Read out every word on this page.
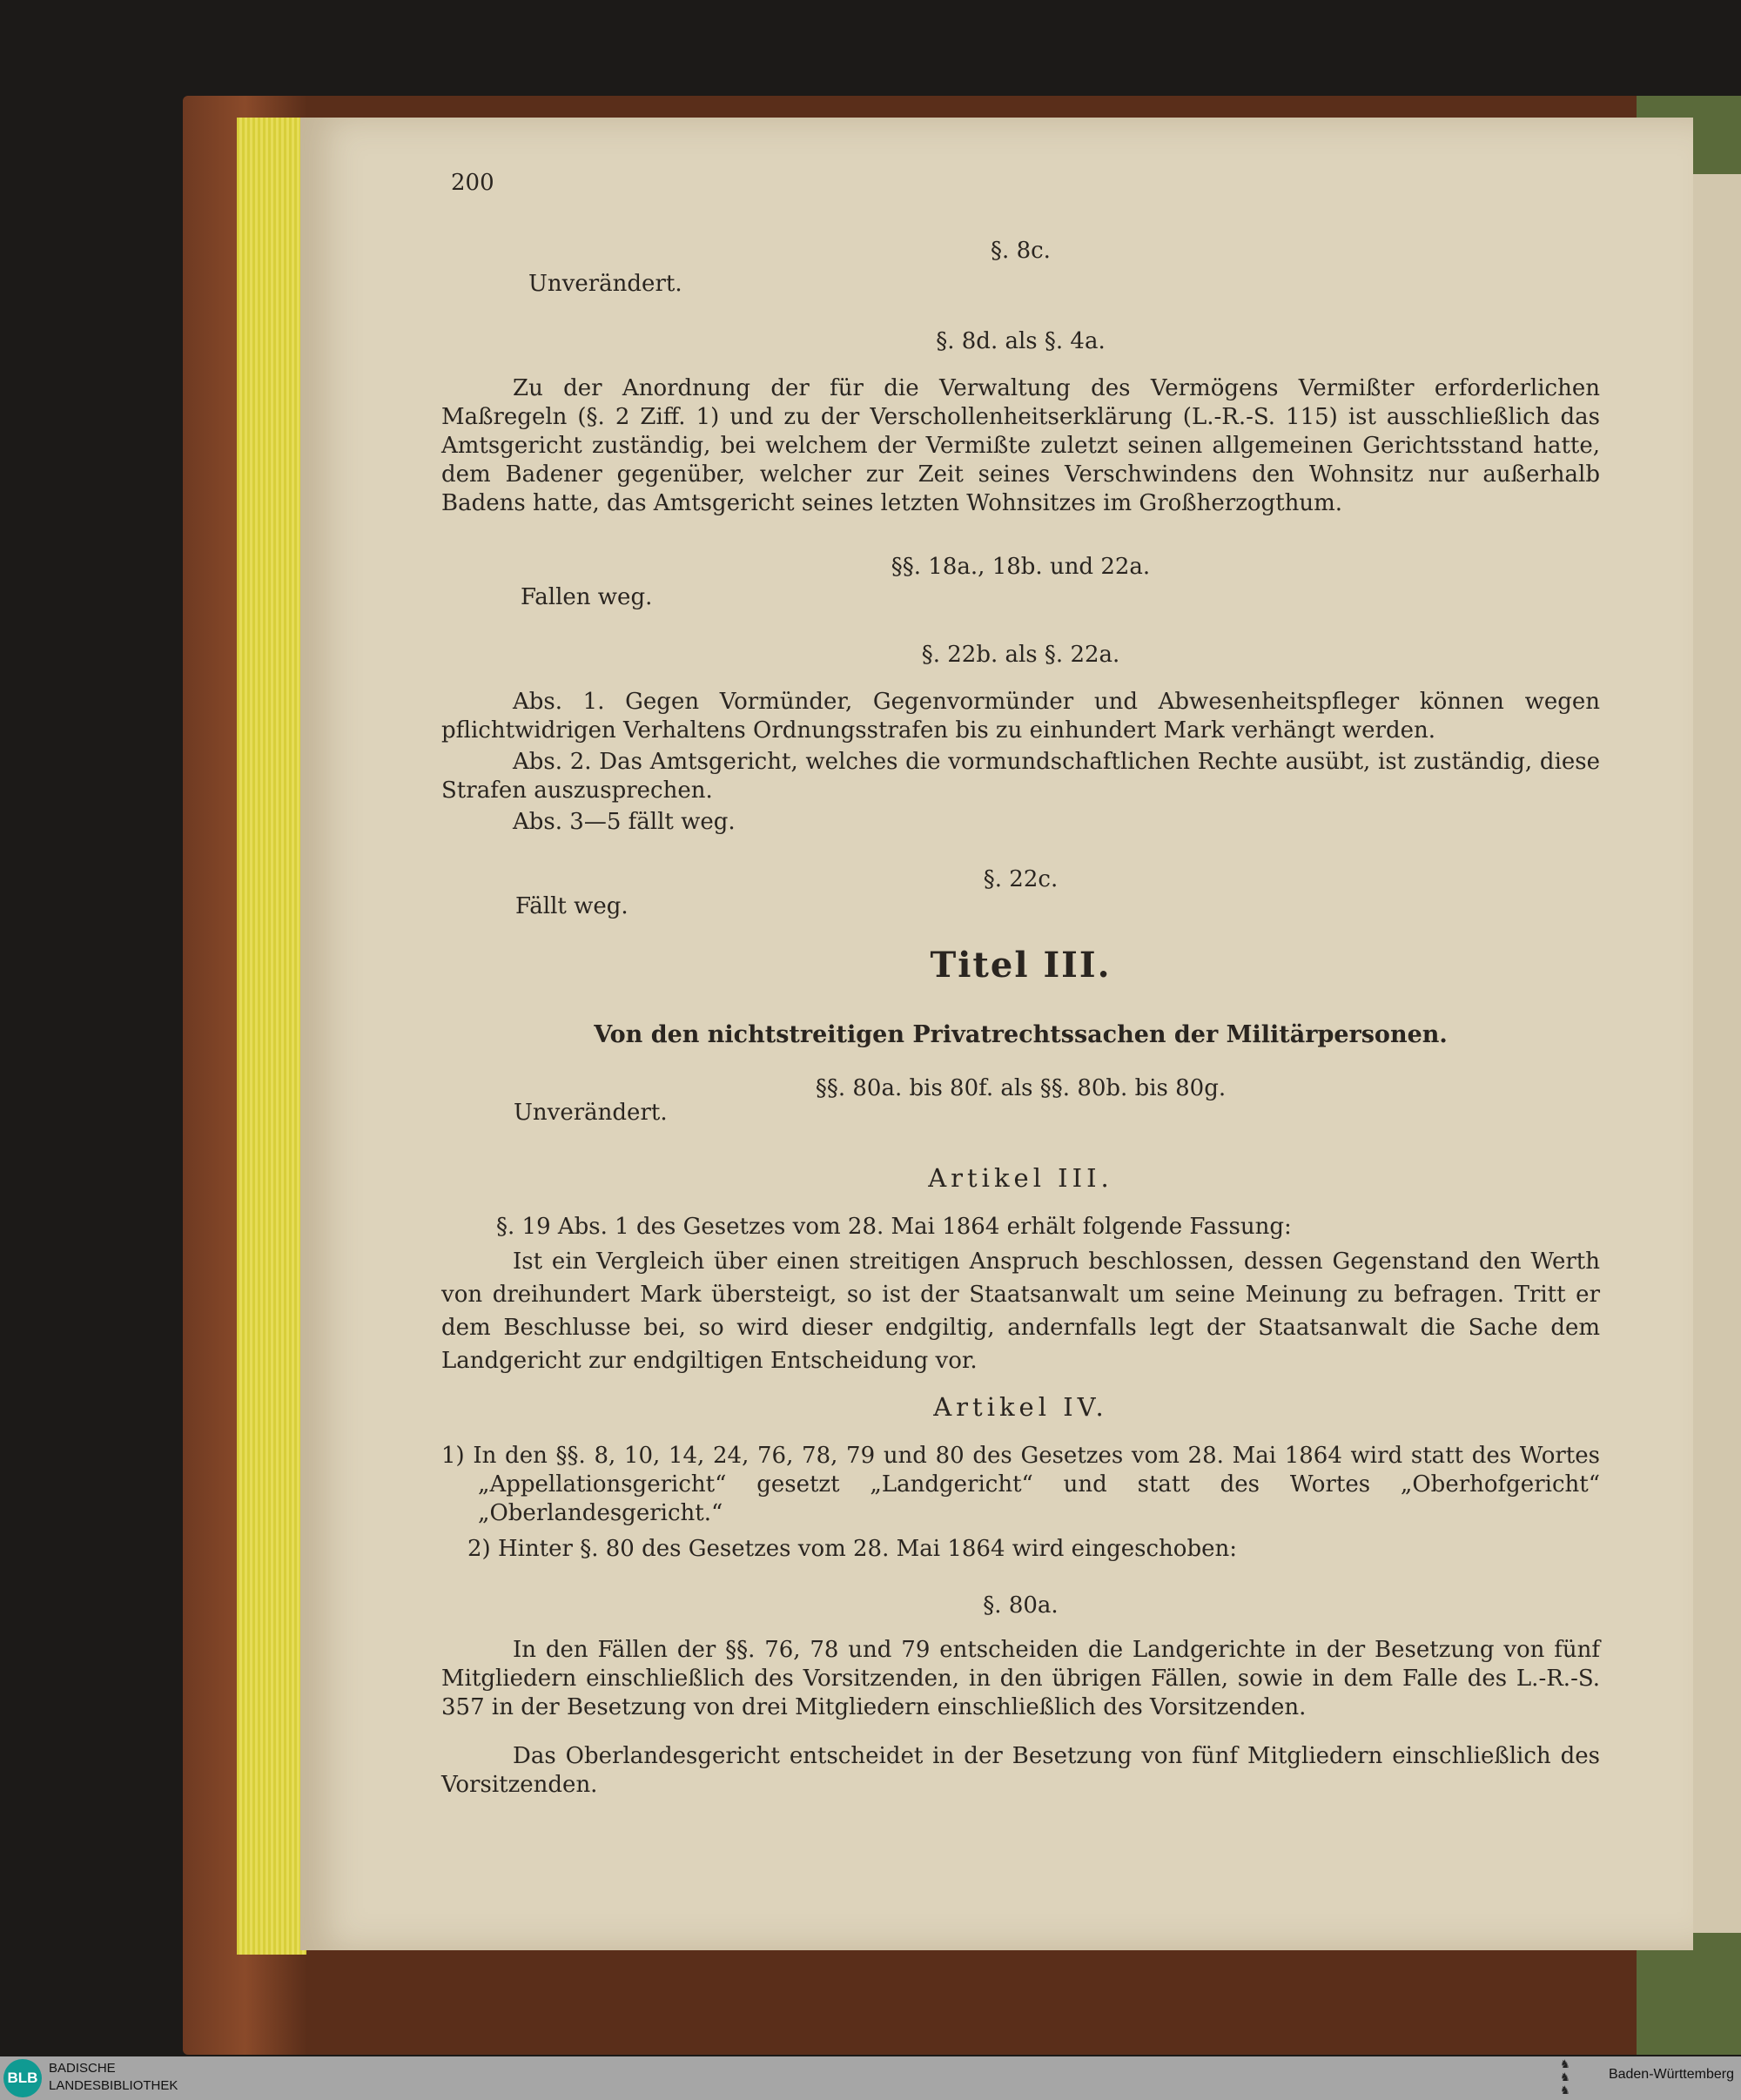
200
§. 8c.
Unverändert.
§. 8d. als §. 4a.
Zu der Anordnung der für die Verwaltung des Vermögens Vermißter erforderlichen Maßregeln (§. 2 Ziff. 1) und zu der Verschollenheitserklärung (L.-R.-S. 115) ist ausschließlich das Amtsgericht zuständig, bei welchem der Vermißte zuletzt seinen allgemeinen Gerichtsstand hatte, dem Badener gegenüber, welcher zur Zeit seines Verschwindens den Wohnsitz nur außerhalb Badens hatte, das Amtsgericht seines letzten Wohnsitzes im Großherzogthum.
§§. 18a., 18b. und 22a.
Fallen weg.
§. 22b. als §. 22a.
Abs. 1. Gegen Vormünder, Gegenvormünder und Abwesenheitspfleger können wegen pflichtwidrigen Verhaltens Ordnungsstrafen bis zu einhundert Mark verhängt werden.
Abs. 2. Das Amtsgericht, welches die vormundschaftlichen Rechte ausübt, ist zuständig, diese Strafen auszusprechen.
Abs. 3—5 fällt weg.
§. 22c.
Fällt weg.
Titel III.
Von den nichtstreitigen Privatrechtssachen der Militärpersonen.
§§. 80a. bis 80f. als §§. 80b. bis 80g.
Unverändert.
Artikel III.
§. 19 Abs. 1 des Gesetzes vom 28. Mai 1864 erhält folgende Fassung:
Ist ein Vergleich über einen streitigen Anspruch beschlossen, dessen Gegenstand den Werth von dreihundert Mark übersteigt, so ist der Staatsanwalt um seine Meinung zu befragen. Tritt er dem Beschlusse bei, so wird dieser endgiltig, andernfalls legt der Staatsanwalt die Sache dem Landgericht zur endgiltigen Entscheidung vor.
Artikel IV.
1) In den §§. 8, 10, 14, 24, 76, 78, 79 und 80 des Gesetzes vom 28. Mai 1864 wird statt des Wortes „Appellationsgericht“ gesetzt „Landgericht“ und statt des Wortes „Oberhofgericht“ „Oberlandesgericht.“
2) Hinter §. 80 des Gesetzes vom 28. Mai 1864 wird eingeschoben:
§. 80a.
In den Fällen der §§. 76, 78 und 79 entscheiden die Landgerichte in der Besetzung von fünf Mitgliedern einschließlich des Vorsitzenden, in den übrigen Fällen, sowie in dem Falle des L.-R.-S. 357 in der Besetzung von drei Mitgliedern einschließlich des Vorsitzenden.
Das Oberlandesgericht entscheidet in der Besetzung von fünf Mitgliedern einschließlich des Vorsitzenden.
BLB
BADISCHE
LANDESBIBLIOTHEK
♞
♞
♞
Baden-Württemberg
